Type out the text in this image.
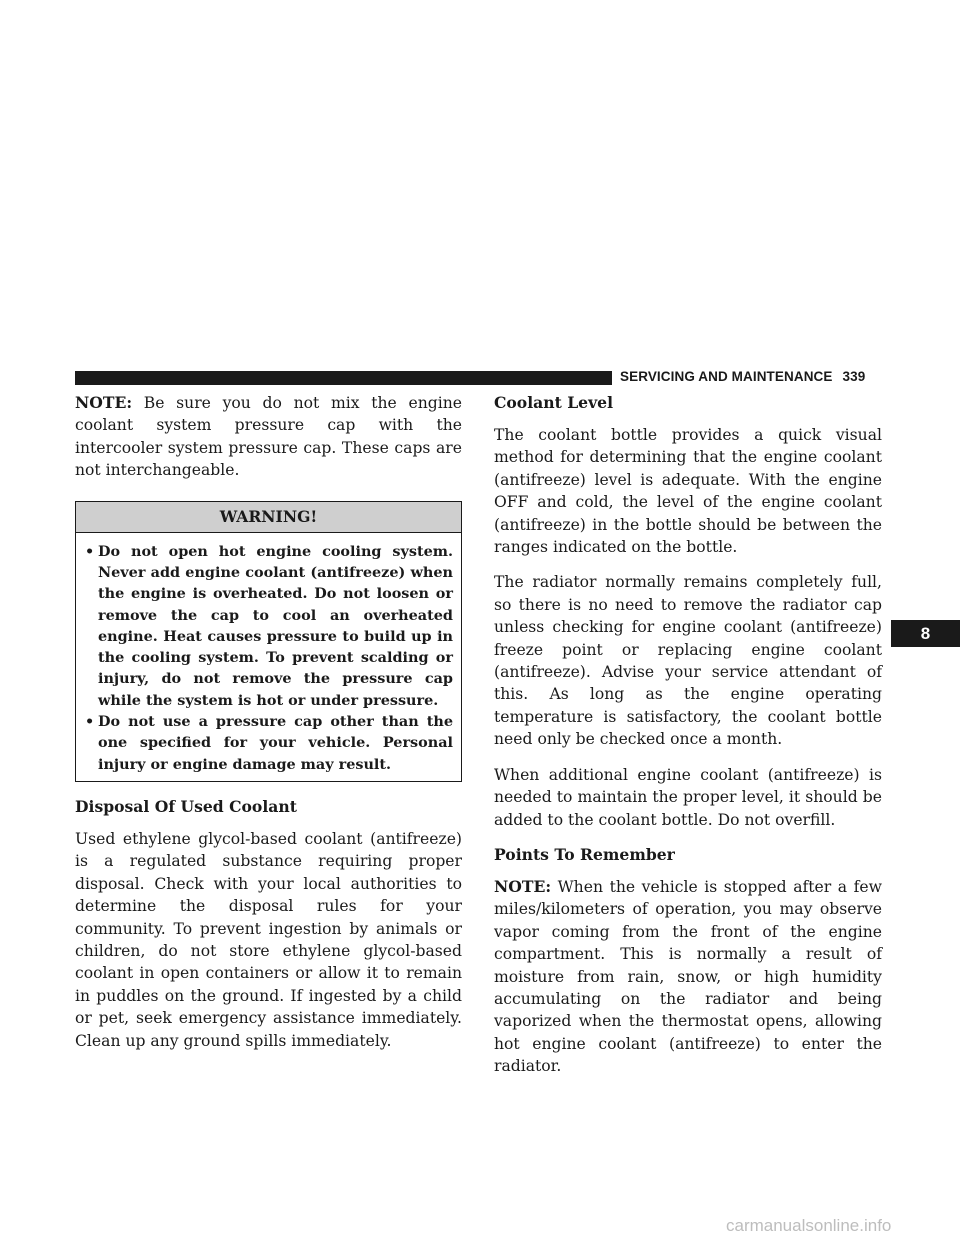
SERVICING AND MAINTENANCE 339

NOTE: Be sure you do not mix the engine coolant system pressure cap with the intercooler system pressure cap. These caps are not interchangeable.

WARNING!
• Do not open hot engine cooling system. Never add engine coolant (antifreeze) when the engine is overheated. Do not loosen or remove the cap to cool an overheated engine. Heat causes pressure to build up in the cooling system. To prevent scalding or injury, do not remove the pressure cap while the system is hot or under pressure.
• Do not use a pressure cap other than the one specified for your vehicle. Personal injury or engine damage may result.
Disposal Of Used Coolant

Used ethylene glycol-based coolant (antifreeze) is a regulated substance requiring proper disposal. Check with your local authorities to determine the disposal rules for your community. To prevent ingestion by animals or children, do not store ethylene glycol-based coolant in open containers or allow it to remain in puddles on the ground. If ingested by a child or pet, seek emergency assistance immediately. Clean up any ground spills immediately.

Coolant Level

The coolant bottle provides a quick visual method for determining that the engine coolant (antifreeze) level is adequate. With the engine OFF and cold, the level of the engine coolant (antifreeze) in the bottle should be between the ranges indicated on the bottle.

The radiator normally remains completely full, so there is no need to remove the radiator cap unless checking for engine coolant (antifreeze) freeze point or replacing engine coolant (antifreeze). Advise your service attendant of this. As long as the engine operating temperature is satisfactory, the coolant bottle need only be checked once a month.

When additional engine coolant (antifreeze) is needed to maintain the proper level, it should be added to the coolant bottle. Do not overfill.

Points To Remember

NOTE: When the vehicle is stopped after a few miles/kilometers of operation, you may observe vapor coming from the front of the engine compartment. This is normally a result of moisture from rain, snow, or high humidity accumulating on the radiator and being vaporized when the thermostat opens, allowing hot engine coolant (antifreeze) to enter the radiator.

8
carmanualsonline.info
